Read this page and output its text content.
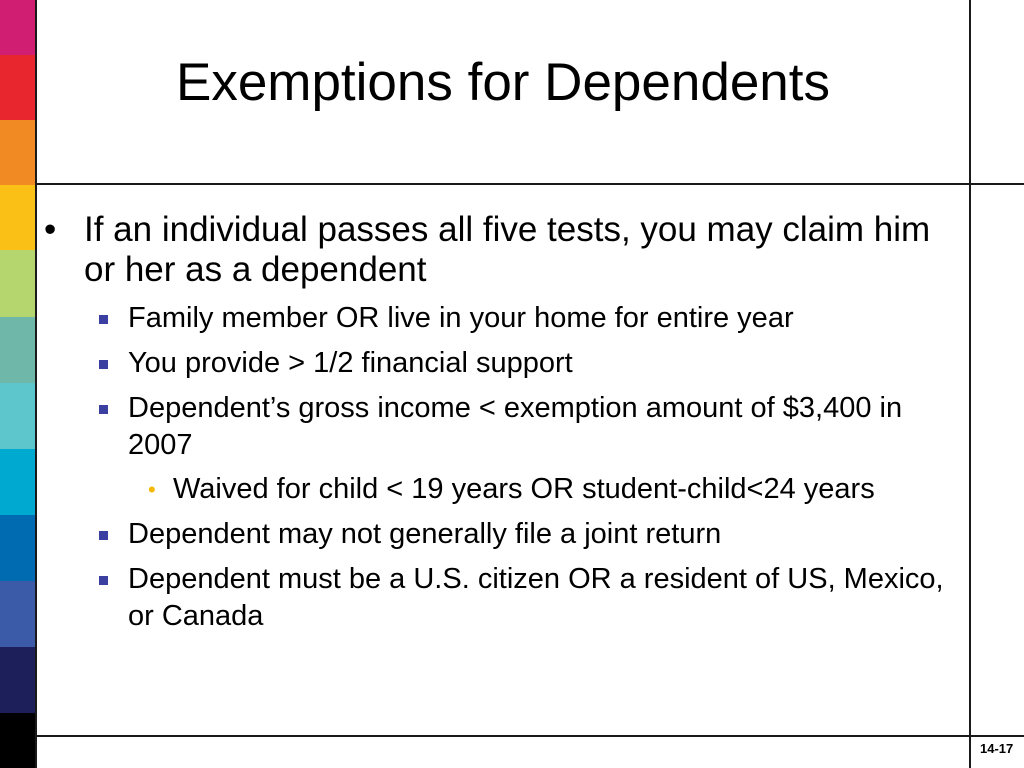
Exemptions for Dependents
• If an individual passes all five tests, you may claim him or her as a dependent
Family member OR live in your home for entire year
You provide > 1/2 financial support
Dependent’s gross income < exemption amount of $3,400 in 2007
• Waived for child < 19 years OR student-child<24 years
Dependent may not generally file a joint return
Dependent must be a U.S. citizen OR a resident of US, Mexico, or Canada
14-17
